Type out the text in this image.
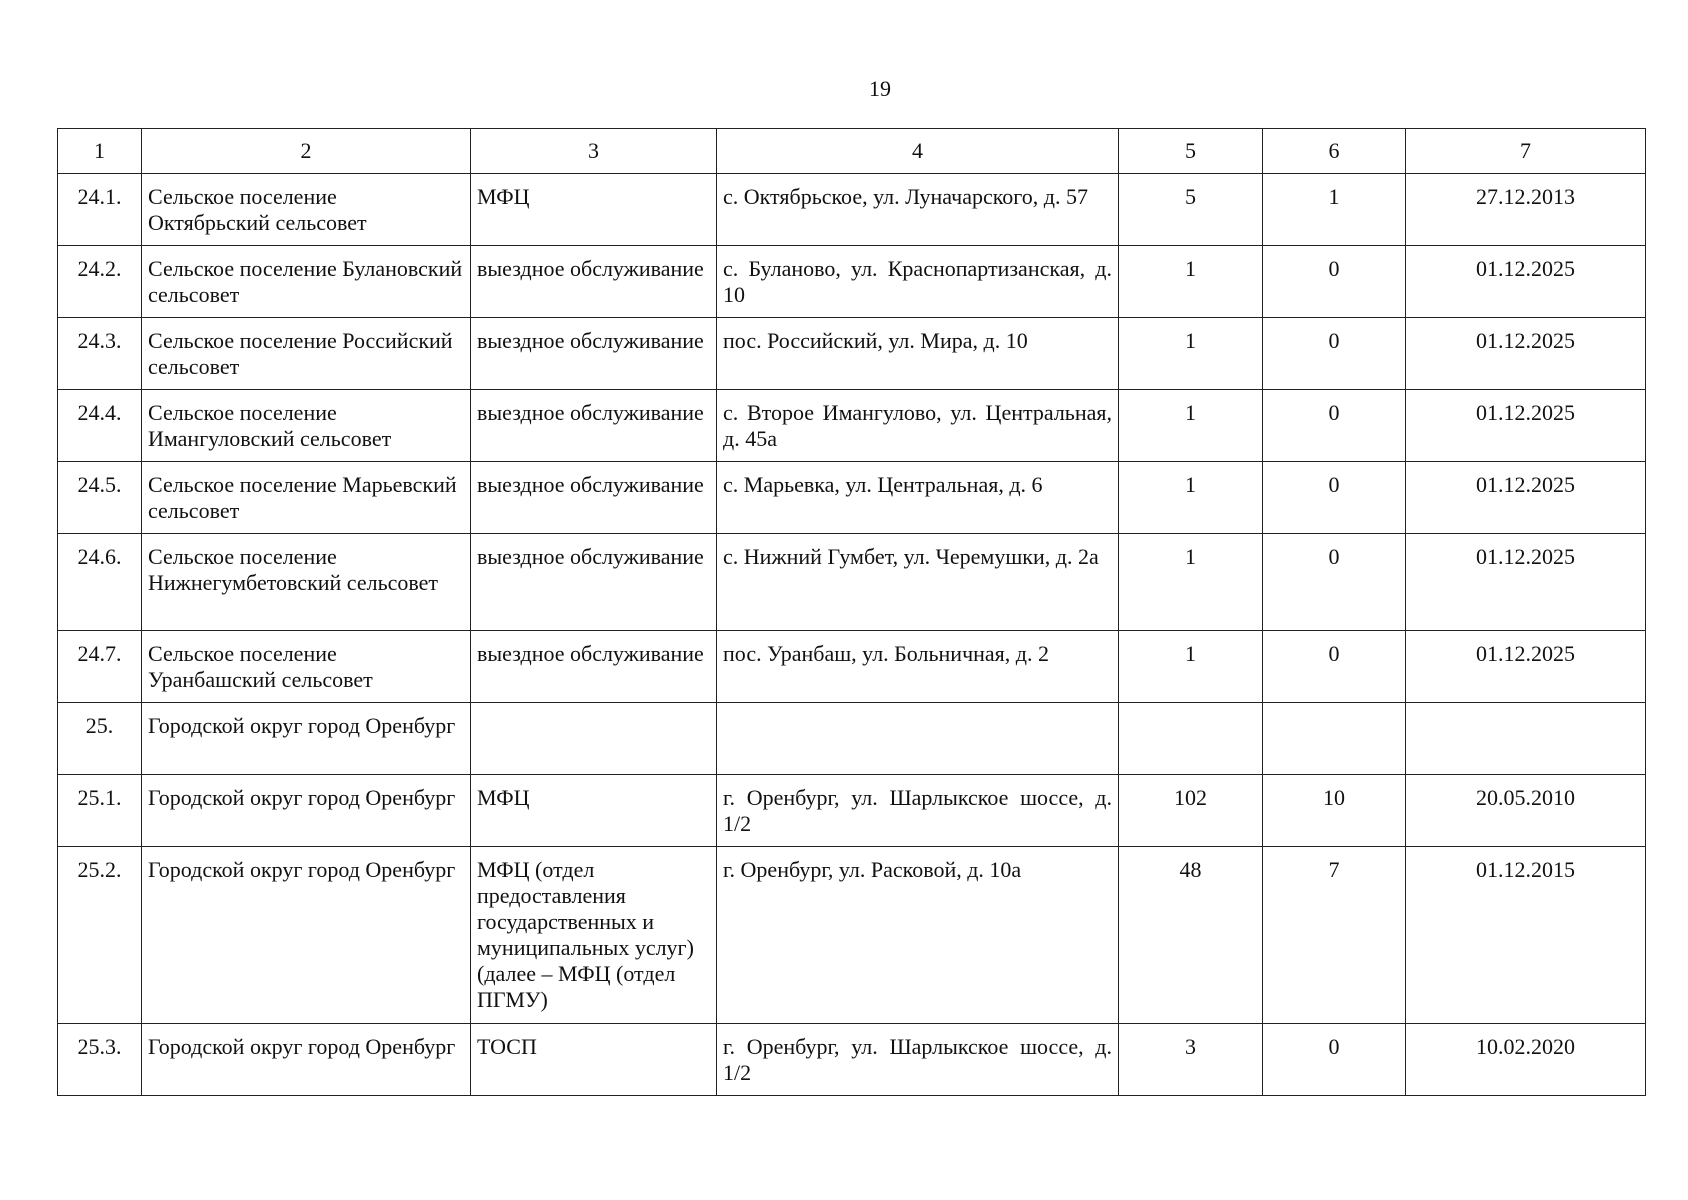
19
1	2	3	4	5	6	7
24.1.	Сельское поселение Октябрьский сельсовет	МФЦ	с. Октябрьское, ул. Луначарского, д. 57	5	1	27.12.2013
24.2.	Сельское поселение Булановский сельсовет	выездное обслуживание	с. Буланово, ул. Краснопартизанская, д. 10	1	0	01.12.2025
24.3.	Сельское поселение Российский сельсовет	выездное обслуживание	пос. Российский, ул. Мира, д. 10	1	0	01.12.2025
24.4.	Сельское поселение Имангуловский сельсовет	выездное обслуживание	с. Второе Имангулово, ул. Центральная, д. 45а	1	0	01.12.2025
24.5.	Сельское поселение Марьевский сельсовет	выездное обслуживание	с. Марьевка, ул. Центральная, д. 6	1	0	01.12.2025
24.6.	Сельское поселение Нижнегумбетовский сельсовет	выездное обслуживание	с. Нижний Гумбет, ул. Черемушки, д. 2а	1	0	01.12.2025
24.7.	Сельское поселение Уранбашский сельсовет	выездное обслуживание	пос. Уранбаш, ул. Больничная, д. 2	1	0	01.12.2025
25.	Городской округ город Оренбург					
25.1.	Городской округ город Оренбург	МФЦ	г. Оренбург, ул. Шарлыкское шоссе, д. 1/2	102	10	20.05.2010
25.2.	Городской округ город Оренбург	МФЦ (отдел предоставления государственных и муниципальных услуг) (далее – МФЦ (отдел ПГМУ)	г. Оренбург, ул. Расковой, д. 10а	48	7	01.12.2015
25.3.	Городской округ город Оренбург	ТОСП	г. Оренбург, ул. Шарлыкское шоссе, д. 1/2	3	0	10.02.2020
